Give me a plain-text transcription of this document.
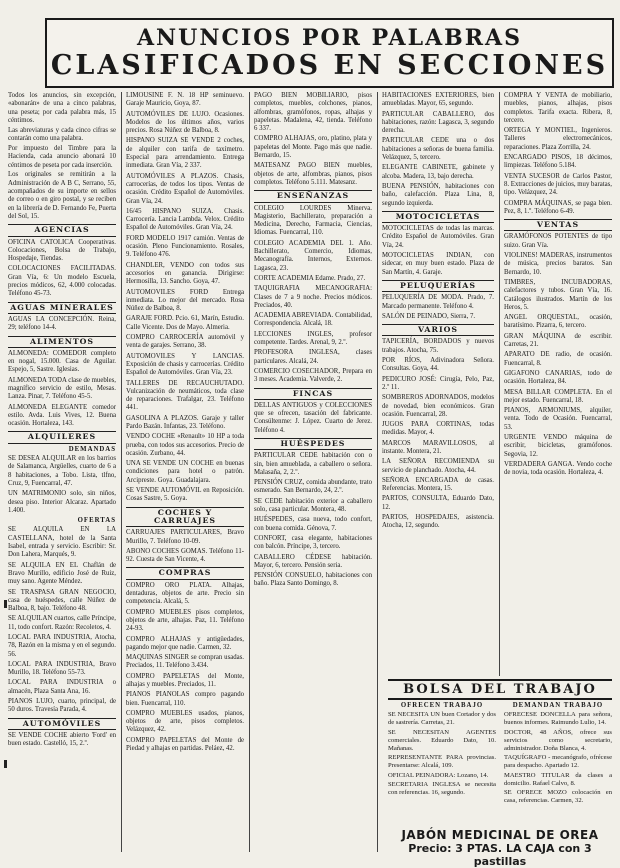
ANUNCIOS POR PALABRAS
CLASIFICADOS EN SECCIONES

Todos los anuncios, sin excepción, «abonarán» de una a cinco palabras, una peseta; por cada palabra más, 15 céntimos.

Las abreviaturas y cada cinco cifras se contarán como una palabra.

Por impuesto del Timbre para la Hacienda, cada anuncio abonará 10 céntimos de peseta por cada inserción.

Los originales se remitirán a la Administración de A B C, Serrano, 55, acompañados de su importe en sellos de correo o en giro postal, y se reciben en la librería de D. Fernando Fe, Puerta del Sol, 15.

AGENCIAS

OFICINA CATOLICA Cooperativas. Colocaciones, Bolsa de Trabajo, Hospedaje, Tiendas.

COLOCACIONES FACILITADAS. Gran Vía, 6: Un modelo Escuela, precios módicos, 62, 4.000 colocadas. Teléfono 45-73.

AGUAS MINERALES

AGUAS LA CONCEPCIÓN. Reina, 29; teléfono 14-4.

ALIMENTOS

ALMONEDA: COMEDOR completo en nogal, 15.000. Casa de Aguilar. Espejo, 5, Sastre. Iglesias.

ALMONEDA TODA clase de muebles, magnífico servicio de estilo, Mesas. Lanza. Pinar, 7. Teléfono 45-5.

ALMONEDA ELEGANTE comedor estilo. Avda. Luis Vives, 12. Buena ocasión. Hortaleza, 143.

ALQUILERES
DEMANDAS

SE DESEA ALQUILAR en los barrios de Salamanca, Argüelles, cuarto de 6 a 8 habitaciones, a Tobo. Lista, tlfno, Cruz, 9, Fuencarral, 47.

UN MATRIMONIO solo, sin niños, desea piso. Interior Alcaraz. Apartado 1.400.

OFERTAS

SE ALQUILA EN LA CASTELLANA, hotel de la Santa Isabel, entrada y servicio. Escribir: Sr. Don Lahera, Marqués, 9.

SE ALQUILA EN EL Chaflán de Bravo Murillo, edificio José de Ruiz, muy sano. Agente Méndez.

SE TRASPASA GRAN NEGOCIO, casa de huéspedes, calle Núñez de Balboa, 8, bajo. Teléfono 48.

SE ALQUILAN cuartos, calle Príncipe, 11, todo confort. Razón: Recoletos, 4.

LOCAL PARA INDUSTRIA, Atocha, 78, Razón en la misma y en el segundo. 56.

LOCAL PARA INDUSTRIA, Bravo Murillo, 18. Teléfono 55-73.

LOCAL PARA INDUSTRIA o almacén, Plaza Santa Ana, 16.

PIANOS LUJO, cuarto, principal, de 50 duros. Travesía Parada, 4.

AUTOMÓVILES

SE VENDE COCHE abierto 'Ford' en buen estado. Castelló, 15, 2.º.

LIMOUSINE F. N. 18 HP seminuevo. Garaje Mauricio, Goya, 87.

AUTOMÓVILES DE LUJO. Ocasiones. Modelos de los últimos años, varios precios. Rosa Núñez de Balboa, 8.

HISPANO SUIZA SE VENDE 2 coches, de alquiler con tarifa de taxímetro. Especial para arrendamiento. Entrega inmediata. Gran Vía, 2 337.

AUTOMÓVILES A PLAZOS. Chasis, carrocerías, de todos los tipos. Ventas de ocasión. Crédito Español de Automóviles. Gran Vía, 24.

16/45 HISPANO SUIZA. Chasis. Carrocería. Lancia Lambda. Velox. Crédito Español de Automóviles. Gran Vía, 24.

FORD MODELO 1917 camión. Ventas de ocasión. Pleno Funcionamiento. Rosales, 9. Teléfono 476.

CHANDLER, VENDO con todos sus accesorios en ganancia. Dirigirse: Hermosilla, 13. Sancho. Goya, 47.

AUTOMOVILES FORD Entrega inmediata. Lo mejor del mercado. Rosa Núñez de Balboa, 8.

GARAJE FORD. Pcio. 61, Marín, Estudio. Calle Vicente. Dos de Mayo. Almeria.

COMPRO CARROCERÍA automóvil y venta de garajes. Serrano, 38.

AUTOMOVILES Y LANCIAS. Exposición de chasis y carrocerías. Crédito Español de Automóviles. Gran Vía, 23.

TALLERES DE RECAUCHUTADO. Vulcanización de neumáticos, toda clase de reparaciones. Trafalgar, 23. Teléfono 441.

GASOLINA A PLAZOS. Garaje y taller Pardo Bazán. Infantas, 23. Teléfono.

VENDO COCHE «Renault» 10 HP a toda prueba, con todos sus accesorios. Precio de ocasión. Zurbano, 44.

UNA SE VENDE UN COCHE en buenas condiciones para hotel o patrón. Arcipreste. Goya. Guadalajara.

SE VENDE AUTOMÓVIL en Reposición. Cosas Sastre, 5. Goya.

COCHES Y CARRUAJES

CARRUAJES PARTICULARES, Bravo Murillo, 7. Teléfono 10-09.

ABONO COCHES GOMAS. Teléfono 11-92. Cuesta de San Vicente, 4.

COMPRAS

COMPRO ORO PLATA. Alhajas, dentaduras, objetos de arte. Precio sin competencia. Alcalá, 5.

COMPRO MUEBLES pisos completos, objetos de arte, alhajas. Paz, 11. Teléfono 24-93.

COMPRO ALHAJAS y antigüedades, pagando mejor que nadie. Carmen, 32.

MAQUINAS SINGER se compran usadas. Preciados, 11. Teléfono 3.434.

COMPRO PAPELETAS del Monte, alhajas y muebles. Preciados, 11.

PIANOS PIANOLAS compro pagando bien. Fuencarral, 110.

COMPRO MUEBLES usados, pianos, objetos de arte, pisos completos. Velázquez, 42.

COMPRO PAPELETAS del Monte de Piedad y alhajas en partidas. Peláez, 42.

PAGO BIEN MOBILIARIO, pisos completos, muebles, colchones, pianos, alfombras, gramófonos, ropas, alhajas y papeletas. Madalena, 42, tienda. Teléfono 6 337.

COMPRO ALHAJAS, oro, platino, plata y papeletas del Monte. Pago más que nadie. Bernardo, 15.

MATESANZ PAGO BIEN muebles, objetos de arte, alfombras, pianos, pisos completos. Teléfono 5.111. Matesanz.

ENSEÑANZAS

COLEGIO LOURDES Minerva. Magisterio, Bachillerato, preparación a Medicina, Derecho, Farmacia, Ciencias, Idiomas. Fuencarral, 110.

COLEGIO ACADEMIA DEL 1. Año. Bachillerato, Comercio, Idiomas, Mecanografía. Internos, Externos. Lagasca, 23.

CORTE ACADEMIA Edame. Prado, 27.

TAQUIGRAFIA MECANOGRAFIA: Clases de 7 a 9 noche. Precios módicos. Preciados, 40.

ACADEMIA ABREVIADA. Contabilidad, Correspondencia. Alcalá, 18.

LECCIONES INGLES, profesor competente. Tardes. Arenal, 9, 2.º.

PROFESORA INGLESA, clases particulares. Alcalá, 24.

COMERCIO COSECHADOR, Prepara en 3 meses. Academia. Valverde, 2.

FINCAS

DELLAS ANTIGUOS y COLECCIONES que se ofrecen, tasación del fabricante. Consúltenme: J. López. Cuarto de Jerez. Teléfono 4.

HUÉSPEDES

PARTICULAR CEDE habitación con o sin, bien amueblada, a caballero o señora. Malasaña, 2, 2.º.

PENSIÓN CRUZ, comida abundante, trato esmerado. San Bernardo, 24, 2.º.

SE CEDE habitación exterior a caballero solo, casa particular. Montera, 48.

HUÉSPEDES, casa nueva, todo confort, con buena comida. Génova, 7.

CONFORT, casa elegante, habitaciones con balcón. Príncipe, 3, tercero.

CABALLERO CÉDESE habitación. Mayor, 6, tercero. Pensión seria.

PENSIÓN CONSUELO, habitaciones con baño. Plaza Santo Domingo, 8.

HABITACIONES EXTERIORES, bien amuebladas. Mayor, 65, segundo.

PARTICULAR CABALLERO, dos habitaciones, razón: Lagasca, 3, segundo derecha.

PARTICULAR CEDE una o dos habitaciones a señoras de buena familia. Velázquez, 5, tercero.

ELEGANTE CABINETE, gabinete y alcoba. Madera, 13, bajo derecha.

BUENA PENSIÓN, habitaciones con baño, calefacción. Plaza Lina, 8, segundo izquierda.

MOTOCICLETAS

MOTOCICLETAS de todas las marcas. Crédito Español de Automóviles. Gran Vía, 24.

MOTOCICLETAS INDIAN, con sidecar, en muy buen estado. Plaza de San Martín, 4. Garaje.

PELUQUERÍAS

PELUQUERÍA DE MODA. Prado, 7. Marcado permanente. Teléfono 4.

SALÓN DE PEINADO, Sierra, 7.

VARIOS

TAPICERÍA, BORDADOS y nuevos trabajos. Atocha, 75.

POR RÍOS, Adivinadora Señora. Consultas. Goya, 44.

PEDICURO JOSÉ: Cirugía, Pelo, Paz, 2.º 11.

SOMBREROS ADORNADOS, modelos de novedad, bien económicos. Gran ocasión. Fuencarral, 28.

JUGOS PARA CORTINAS, todas medidas. Mayor, 4.

MARCOS MARAVILLOSOS, al instante. Montera, 21.

LA SEÑORA RECOMIENDA su servicio de planchado. Atocha, 44.

SEÑORA ENCARGADA de casas. Referencias. Montera, 15.

PARTOS, CONSULTA, Eduardo Dato, 12.

PARTOS, HOSPEDAJES, asistencia. Atocha, 12, segundo.

COMPRA Y VENTA de mobiliario, muebles, pianos, alhajas, pisos completos. Tarifa exacta. Ribera, 8, tercero.

ORTEGA Y MONTIEL, Ingenieros. Talleres electromecánicos, reparaciones. Plaza Zorrilla, 24.

ENCARGADO PISOS, 18 décimos, limpiezas. Teléfono 5.184.

VENTA SUCESOR de Carlos Pastor, 8. Extracciones de juicios, muy baratas, tipo. Velázquez, 24.

COMPRA MÁQUINAS, se paga bien. Pez, 8, 1.º. Teléfono 6-49.

VENTAS

GRAMÓFONOS POTENTES de tipo suizo. Gran Vía.

VIOLINES! MADERAS, instrumentos de música, precios baratos. San Bernardo, 10.

TIMBRES, INCUBADORAS, calefactores y tubos. Gran Vía, 16. Catálogos ilustrados. Martín de los Heros, 5.

ANGEL ORQUESTAL, ocasión, baratísimo. Pizarra, 6, tercero.

GRAN MÁQUINA de escribir. Carretas, 21.

APARATO DE radio, de ocasión. Fuencarral, 8.

GIGAFONO CANARIAS, todo de ocasión. Hortaleza, 84.

MESA BILLAR COMPLETA. En el mejor estado. Fuencarral, 18.

PIANOS, ARMONIUMS, alquiler, venta. Todo de Ocasión. Fuencarral, 53.

URGENTE VENDO máquina de escribir, bicicletas, gramófonos. Segovia, 12.

VERDADERA GANGA. Vendo coche de novia, toda ocasión. Hortaleza, 4.

BOLSA DEL TRABAJO
OFRECEN TRABAJO

SE NECESITA UN buen Cortador y dos de sastrería. Carretas, 21.

SE NECESITAN AGENTES comerciales. Eduardo Dato, 10. Mañanas.

REPRESENTANTE PARA provincias. Presentarse: Alcalá, 109.

OFICIAL PEINADORA: Lozano, 14.

SECRETARIA INGLESA se necesita con referencias. 16, segundo.

DEMANDAN TRABAJO

OFRECESE DONCELLA para señora, buenos informes. Raimundo Lulio, 14.

DOCTOR, 48 AÑOS, ofrece sus servicios como secretario, administrador. Doña Blanca, 4.

TAQUÍGRAFO - mecanógrafo, ofrécese para despacho. Apartado 12.

MAESTRO TITULAR da clases a domicilio. Rafael Calvo, 8.

SE OFRECE MOZO colocación en casa, referencias. Carmen, 32.

JABÓN MEDICINAL DE OREA
Precio: 3 PTAS. LA CAJA con 3 pastillas
